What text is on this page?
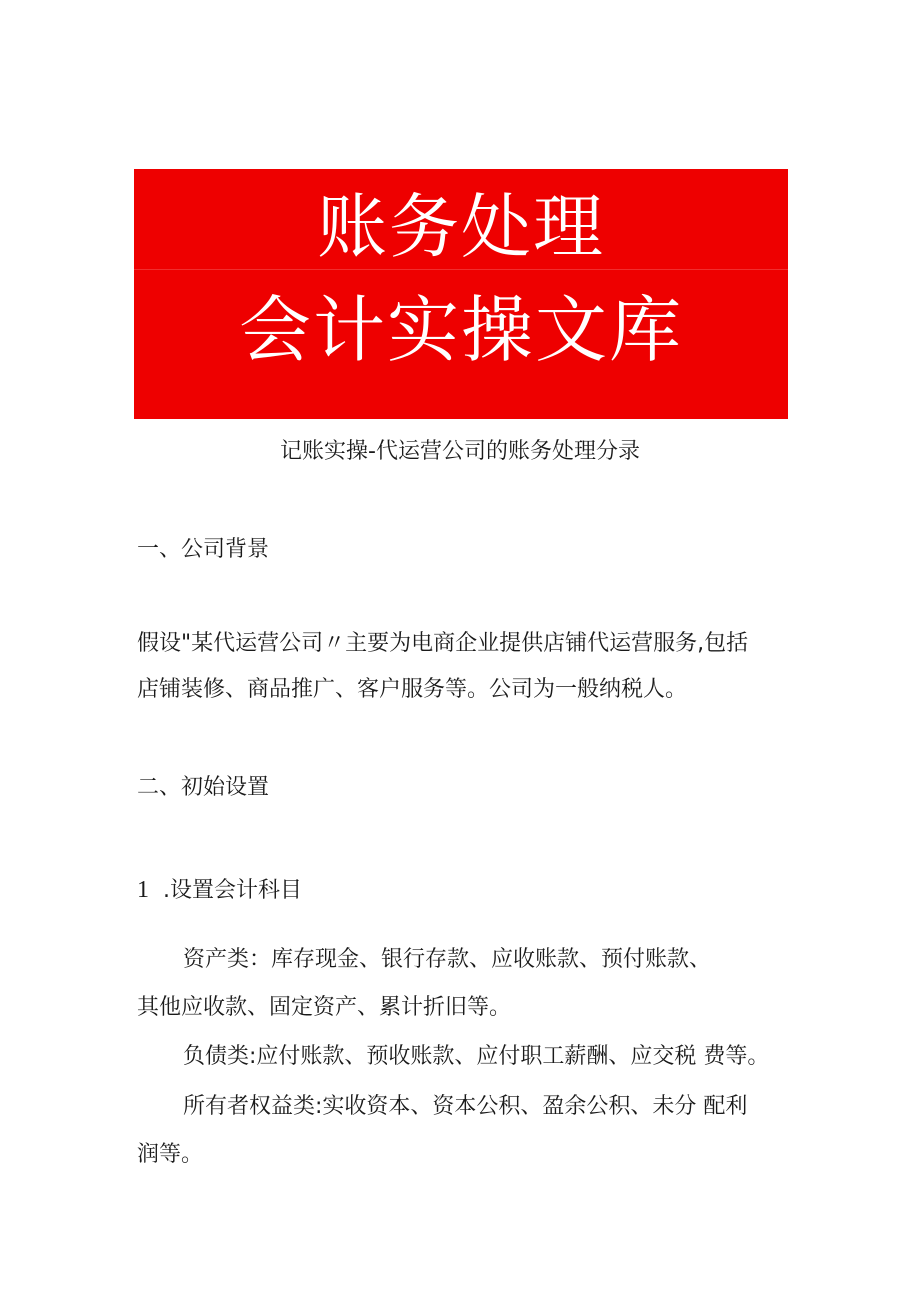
账务处理
会计实操文库
记账实操-代运营公司的账务处理分录
一、公司背景
假设"某代运营公司〃主要为电商企业提供店铺代运营服务,包括
店铺装修、商品推广、客户服务等。公司为一般纳税人。
二、初始设置
1 .设置会计科目
资产类：库存现金、银行存款、应收账款、预付账款、
其他应收款、固定资产、累计折旧等。
负债类:应付账款、预收账款、应付职工薪酬、应交税 费等。
所有者权益类:实收资本、资本公积、盈余公积、未分 配利
润等。
